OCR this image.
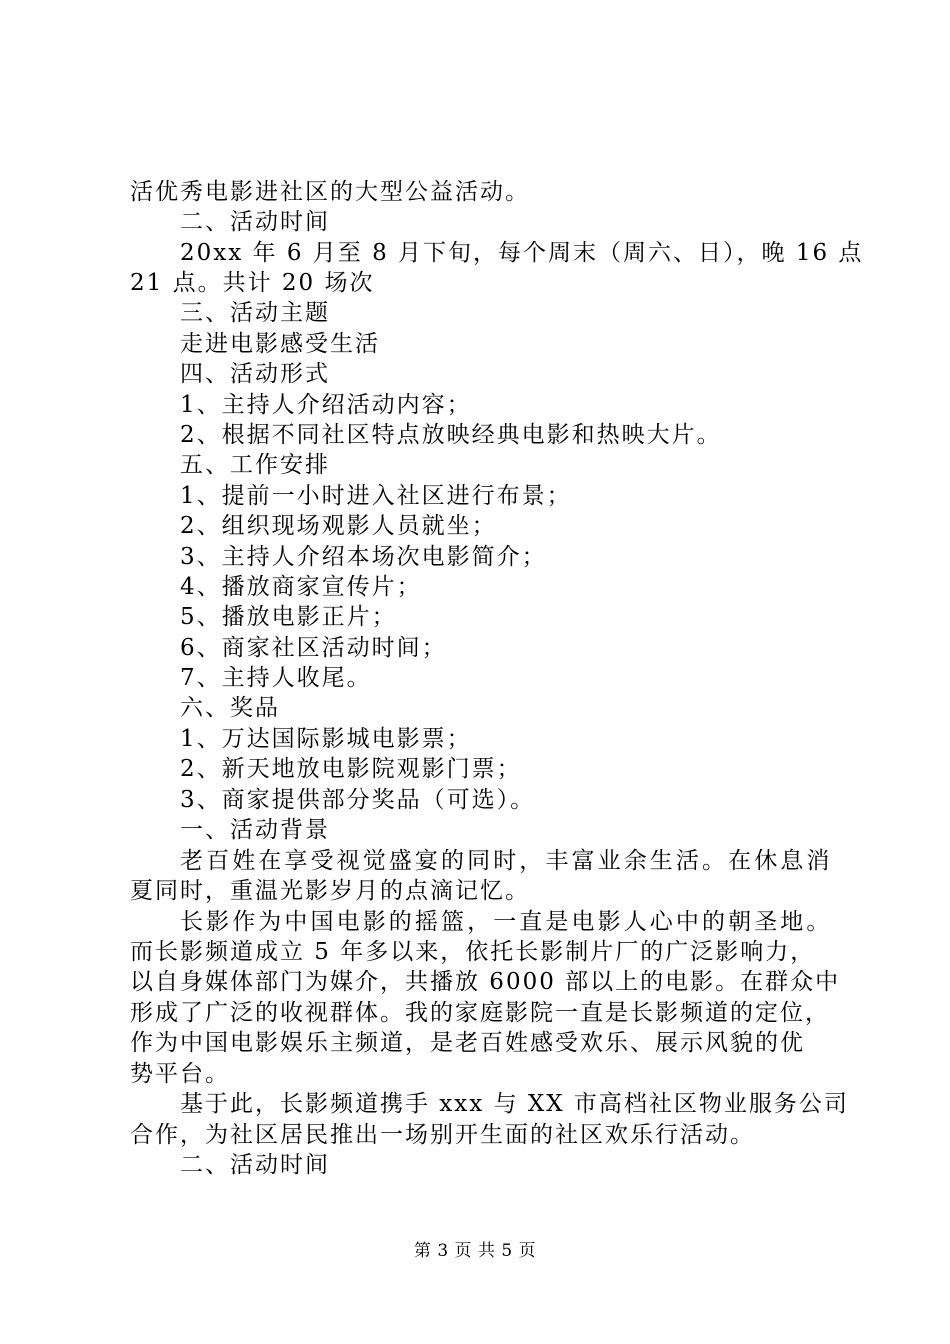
活优秀电影进社区的大型公益活动。
二、活动时间
20xx 年 6 月至 8 月下旬，每个周末（周六、日），晚 16 点
21 点。共计 20 场次
三、活动主题
走进电影感受生活
四、活动形式
1、主持人介绍活动内容；
2、根据不同社区特点放映经典电影和热映大片。
五、工作安排
1、提前一小时进入社区进行布景；
2、组织现场观影人员就坐；
3、主持人介绍本场次电影简介；
4、播放商家宣传片；
5、播放电影正片；
6、商家社区活动时间；
7、主持人收尾。
六、奖品
1、万达国际影城电影票；
2、新天地放电影院观影门票；
3、商家提供部分奖品（可选）。
一、活动背景
老百姓在享受视觉盛宴的同时，丰富业余生活。在休息消
夏同时，重温光影岁月的点滴记忆。
长影作为中国电影的摇篮，一直是电影人心中的朝圣地。
而长影频道成立 5 年多以来，依托长影制片厂的广泛影响力，
以自身媒体部门为媒介，共播放 6000 部以上的电影。在群众中
形成了广泛的收视群体。我的家庭影院一直是长影频道的定位，
作为中国电影娱乐主频道，是老百姓感受欢乐、展示风貌的优
势平台。
基于此，长影频道携手 xxx 与 XX 市高档社区物业服务公司
合作，为社区居民推出一场别开生面的社区欢乐行活动。
二、活动时间
第 3 页 共 5 页
